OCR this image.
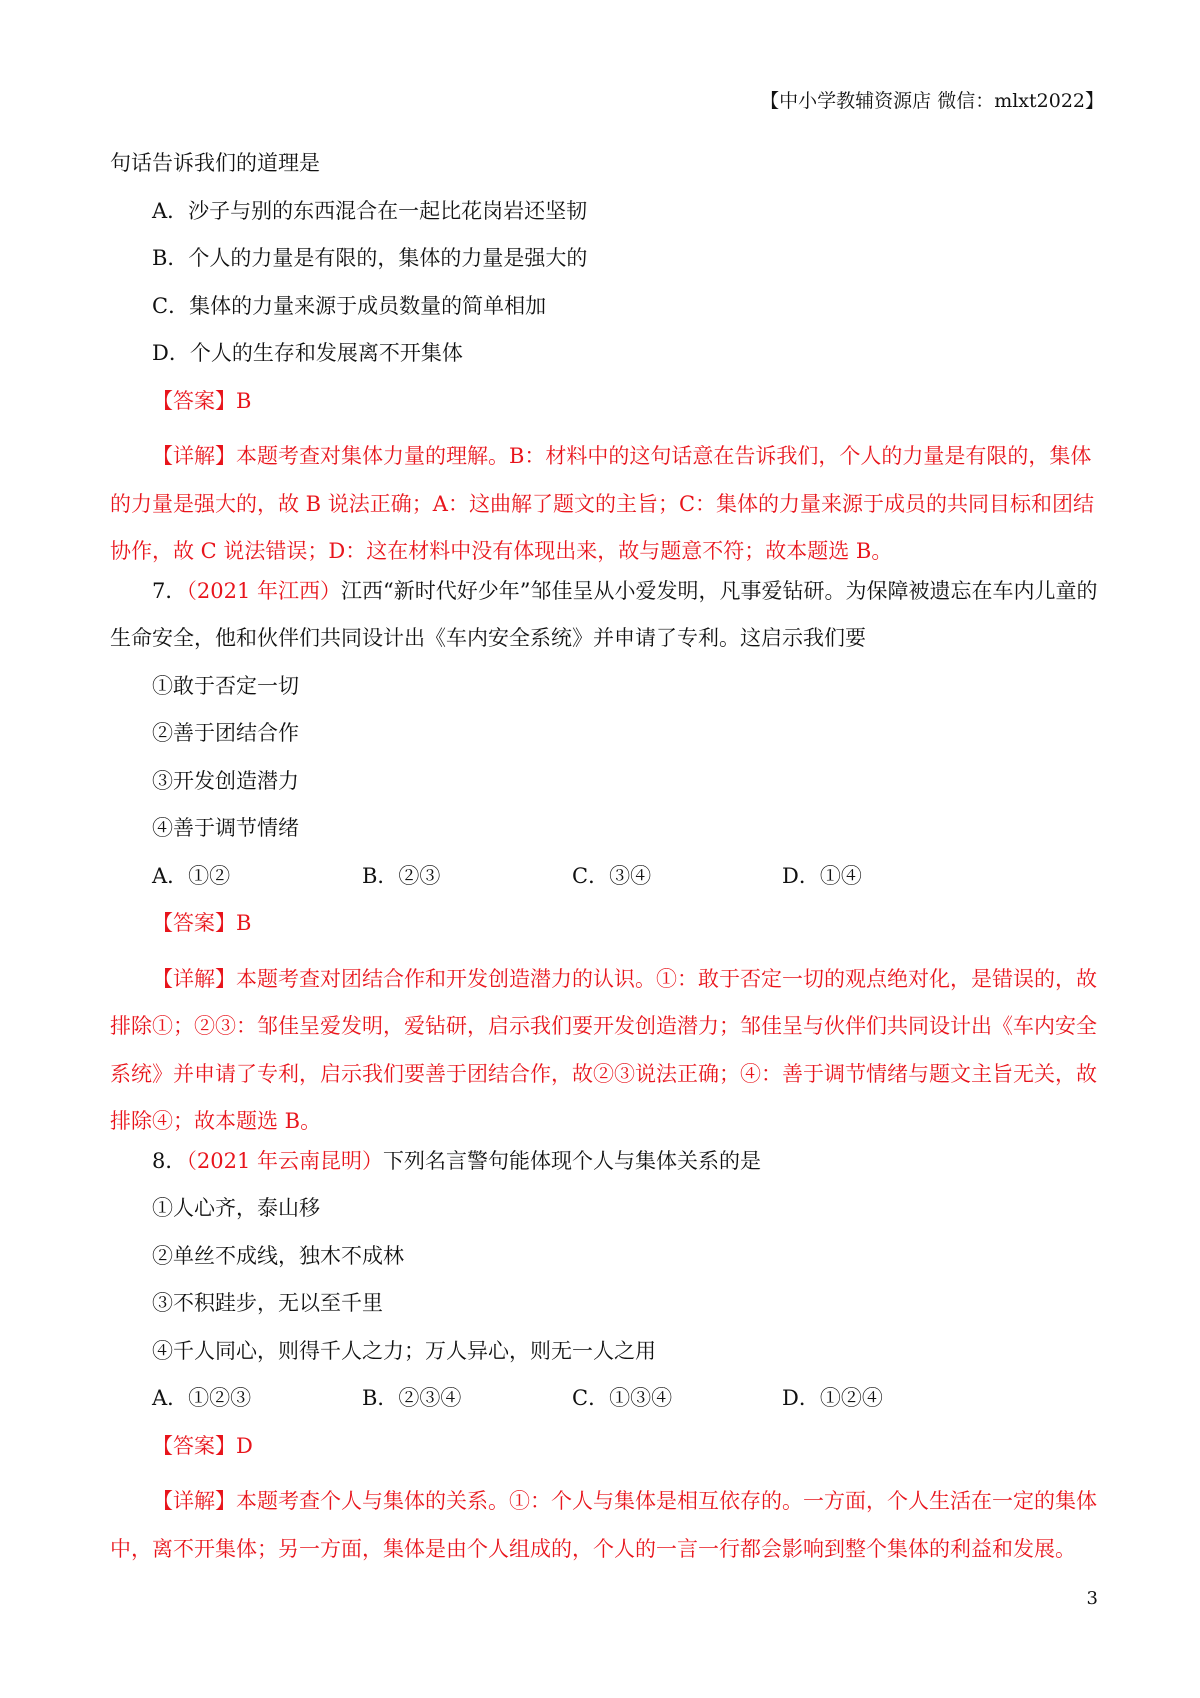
【中小学教辅资源店 微信：mlxt2022】
句话告诉我们的道理是
A．沙子与别的东西混合在一起比花岗岩还坚韧
B．个人的力量是有限的，集体的力量是强大的
C．集体的力量来源于成员数量的简单相加
D．个人的生存和发展离不开集体
【答案】B
【详解】本题考查对集体力量的理解。B：材料中的这句话意在告诉我们，个人的力量是有限的，集体的力量是强大的，故 B 说法正确；A：这曲解了题文的主旨；C：集体的力量来源于成员的共同目标和团结协作，故 C 说法错误；D：这在材料中没有体现出来，故与题意不符；故本题选 B。
7．（2021 年江西）江西“新时代好少年”邹佳呈从小爱发明，凡事爱钻研。为保障被遗忘在车内儿童的
生命安全，他和伙伴们共同设计出《车内安全系统》并申请了专利。这启示我们要
①敢于否定一切
②善于团结合作
③开发创造潜力
④善于调节情绪
A．①②	B．②③	C．③④	D．①④
【答案】B
【详解】本题考查对团结合作和开发创造潜力的认识。①：敢于否定一切的观点绝对化，是错误的，故排除①；②③：邹佳呈爱发明，爱钻研，启示我们要开发创造潜力；邹佳呈与伙伴们共同设计出《车内安全系统》并申请了专利，启示我们要善于团结合作，故②③说法正确；④：善于调节情绪与题文主旨无关，故排除④；故本题选 B。
8．（2021 年云南昆明）下列名言警句能体现个人与集体关系的是
①人心齐，泰山移
②单丝不成线，独木不成林
③不积跬步，无以至千里
④千人同心，则得千人之力；万人异心，则无一人之用
A．①②③	B．②③④	C．①③④	D．①②④
【答案】D
【详解】本题考查个人与集体的关系。①：个人与集体是相互依存的。一方面，个人生活在一定的集体中，离不开集体；另一方面，集体是由个人组成的，个人的一言一行都会影响到整个集体的利益和发展。
3
